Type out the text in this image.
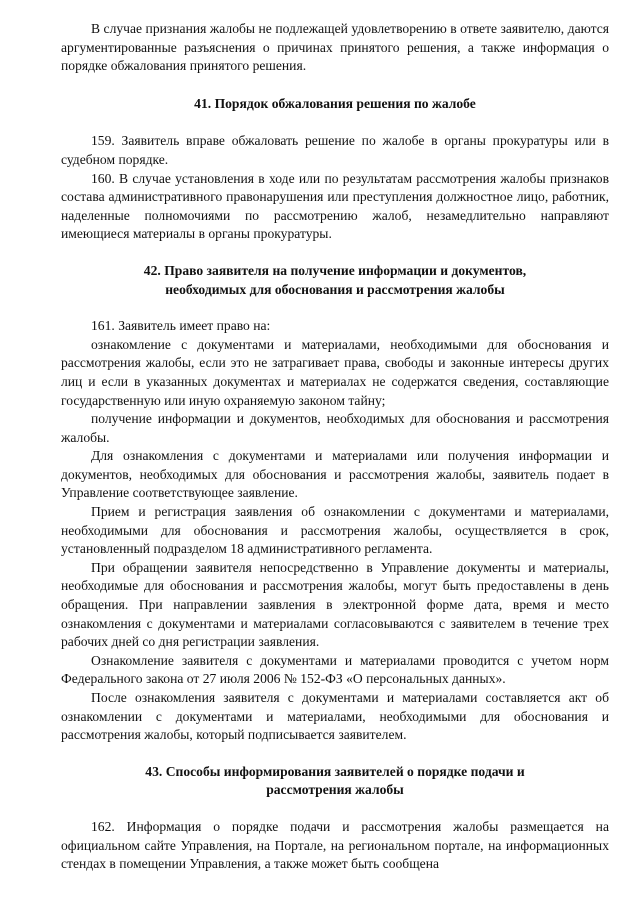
В случае признания жалобы не подлежащей удовлетворению в ответе заявителю, даются аргументированные разъяснения о причинах принятого решения, а также информация о порядке обжалования принятого решения.

41. Порядок обжалования решения по жалобе

159. Заявитель вправе обжаловать решение по жалобе в органы прокуратуры или в судебном порядке.

160. В случае установления в ходе или по результатам рассмотрения жалобы признаков состава административного правонарушения или преступления должностное лицо, работник, наделенные полномочиями по рассмотрению жалоб, незамедлительно направляют имеющиеся материалы в органы прокуратуры.

42. Право заявителя на получение информации и документов,
необходимых для обоснования и рассмотрения жалобы

161. Заявитель имеет право на:

ознакомление с документами и материалами, необходимыми для обоснования и рассмотрения жалобы, если это не затрагивает права, свободы и законные интересы других лиц и если в указанных документах и материалах не содержатся сведения, составляющие государственную или иную охраняемую законом тайну;

получение информации и документов, необходимых для обоснования и рассмотрения жалобы.

Для ознакомления с документами и материалами или получения информации и документов, необходимых для обоснования и рассмотрения жалобы, заявитель подает в Управление соответствующее заявление.

Прием и регистрация заявления об ознакомлении с документами и материалами, необходимыми для обоснования и рассмотрения жалобы, осуществляется в срок, установленный подразделом 18 административного регламента.

При обращении заявителя непосредственно в Управление документы и материалы, необходимые для обоснования и рассмотрения жалобы, могут быть предоставлены в день обращения. При направлении заявления в электронной форме дата, время и место ознакомления с документами и материалами согласовываются с заявителем в течение трех рабочих дней со дня регистрации заявления.

Ознакомление заявителя с документами и материалами проводится с учетом норм Федерального закона от 27 июля 2006 № 152-ФЗ «О персональных данных».

После ознакомления заявителя с документами и материалами составляется акт об ознакомлении с документами и материалами, необходимыми для обоснования и рассмотрения жалобы, который подписывается заявителем.

43. Способы информирования заявителей о порядке подачи и
рассмотрения жалобы

162. Информация о порядке подачи и рассмотрения жалобы размещается на официальном сайте Управления, на Портале, на региональном портале, на информационных стендах в помещении Управления, а также может быть сообщена
